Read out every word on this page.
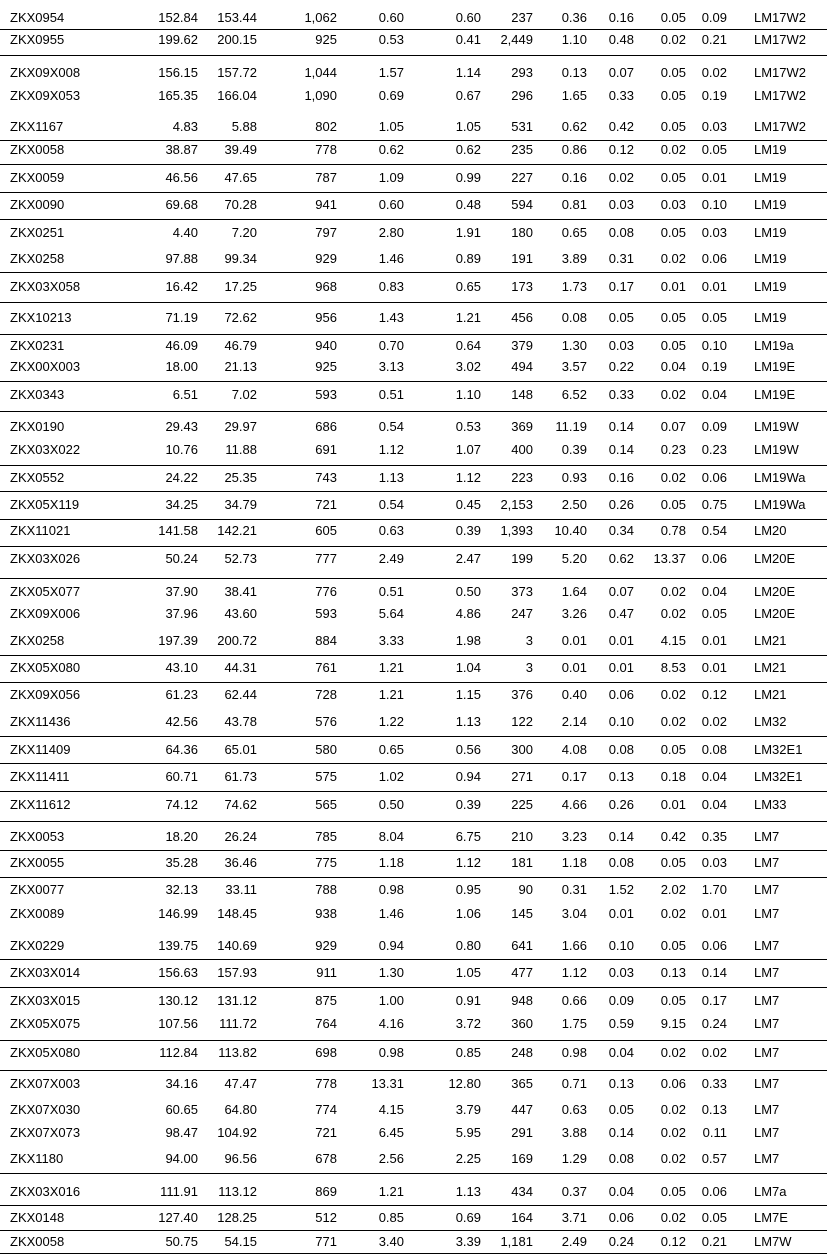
ZKX0954	152.84 153.44	1,062	0.60	0.60 237 0.36 0.16 0.05 0.09 LM17W2
ZKX0955	199.62 200.15	925	0.53	0.41 2,449 1.10 0.48 0.02 0.21 LM17W2
ZKX09X008	156.15 157.72	1,044	1.57	1.14 293 0.13 0.07 0.05 0.02 LM17W2
ZKX09X053	165.35 166.04	1,090	0.69	0.67 296 1.65 0.33 0.05 0.19 LM17W2
ZKX1167	4.83	5.88	802	1.05	1.05 531 0.62 0.42 0.05 0.03 LM17W2
ZKX0058	38.87 39.49	778	0.62	0.62 235 0.86 0.12 0.02 0.05 LM19
ZKX0059	46.56 47.65	787	1.09	0.99 227 0.16 0.02 0.05 0.01 LM19
ZKX0090	69.68 70.28	941	0.60	0.48 594 0.81 0.03 0.03 0.10 LM19
ZKX0251	4.40	7.20	797	2.80	1.91 180 0.65 0.08 0.05 0.03 LM19
ZKX0258	97.88 99.34	929	1.46	0.89 191 3.89 0.31 0.02 0.06 LM19
ZKX03X058	16.42 17.25	968	0.83	0.65 173 1.73 0.17 0.01 0.01 LM19
ZKX10213	71.19 72.62	956	1.43	1.21 456 0.08 0.05 0.05 0.05 LM19
ZKX0231	46.09 46.79	940	0.70	0.64 379 1.30 0.03 0.05 0.10 LM19a
ZKX00X003	18.00 21.13	925	3.13	3.02 494 3.57 0.22 0.04 0.19 LM19E
ZKX0343	6.51	7.02	593	0.51	1.10 148 6.52 0.33 0.02 0.04 LM19E
ZKX0190	29.43 29.97	686	0.54	0.53 369 11.19 0.14 0.07 0.09 LM19W
ZKX03X022	10.76 11.88	691	1.12	1.07 400 0.39 0.14 0.23 0.23 LM19W
ZKX0552	24.22 25.35	743	1.13	1.12 223 0.93 0.16 0.02 0.06 LM19Wa
ZKX05X119	34.25 34.79	721	0.54	0.45 2,153 2.50 0.26 0.05 0.75 LM19Wa
ZKX11021	141.58 142.21	605	0.63	0.39 1,393 10.40 0.34 0.78 0.54 LM20
ZKX03X026	50.24 52.73	777	2.49	2.47 199 5.20 0.62 13.37 0.06 LM20E
ZKX05X077	37.90 38.41	776	0.51	0.50 373 1.64 0.07 0.02 0.04 LM20E
ZKX09X006	37.96 43.60	593	5.64	4.86 247 3.26 0.47 0.02 0.05 LM20E
ZKX0258	197.39 200.72	884	3.33	1.98	3 0.01 0.01 4.15 0.01 LM21
ZKX05X080	43.10 44.31	761	1.21	1.04	3 0.01 0.01 8.53 0.01 LM21
ZKX09X056	61.23 62.44	728	1.21	1.15 376 0.40 0.06 0.02 0.12 LM21
ZKX11436	42.56 43.78	576	1.22	1.13 122 2.14 0.10 0.02 0.02 LM32
ZKX11409	64.36 65.01	580	0.65	0.56 300 4.08 0.08 0.05 0.08 LM32E1
ZKX11411	60.71 61.73	575	1.02	0.94 271 0.17 0.13 0.18 0.04 LM32E1
ZKX11612	74.12 74.62	565	0.50	0.39 225 4.66 0.26 0.01 0.04 LM33
ZKX0053	18.20 26.24	785	8.04	6.75 210 3.23 0.14 0.42 0.35 LM7
ZKX0055	35.28 36.46	775	1.18	1.12 181 1.18 0.08 0.05 0.03 LM7
ZKX0077	32.13 33.11	788	0.98	0.95	90 0.31 1.52 2.02 1.70 LM7
ZKX0089	146.99 148.45	938	1.46	1.06 145 3.04 0.01 0.02 0.01 LM7
ZKX0229	139.75 140.69	929	0.94	0.80 641 1.66 0.10 0.05 0.06 LM7
ZKX03X014	156.63 157.93	911	1.30	1.05 477 1.12 0.03 0.13 0.14 LM7
ZKX03X015	130.12 131.12	875	1.00	0.91 948 0.66 0.09 0.05 0.17 LM7
ZKX05X075	107.56 111.72	764	4.16	3.72 360 1.75 0.59 9.15 0.24 LM7
ZKX05X080	112.84 113.82	698	0.98	0.85 248 0.98 0.04 0.02 0.02 LM7
ZKX07X003	34.16 47.47	778	13.31	12.80 365 0.71 0.13 0.06 0.33 LM7
ZKX07X030	60.65 64.80	774	4.15	3.79 447 0.63 0.05 0.02 0.13 LM7
ZKX07X073	98.47 104.92	721	6.45	5.95 291 3.88 0.14 0.02 0.11 LM7
ZKX1180	94.00 96.56	678	2.56	2.25 169 1.29 0.08 0.02 0.57 LM7
ZKX03X016	111.91 113.12	869	1.21	1.13 434 0.37 0.04 0.05 0.06 LM7a
ZKX0148	127.40 128.25	512	0.85	0.69 164 3.71 0.06 0.02 0.05 LM7E
ZKX0058	50.75 54.15	771	3.40	3.39 1,181 2.49 0.24 0.12 0.21 LM7W
